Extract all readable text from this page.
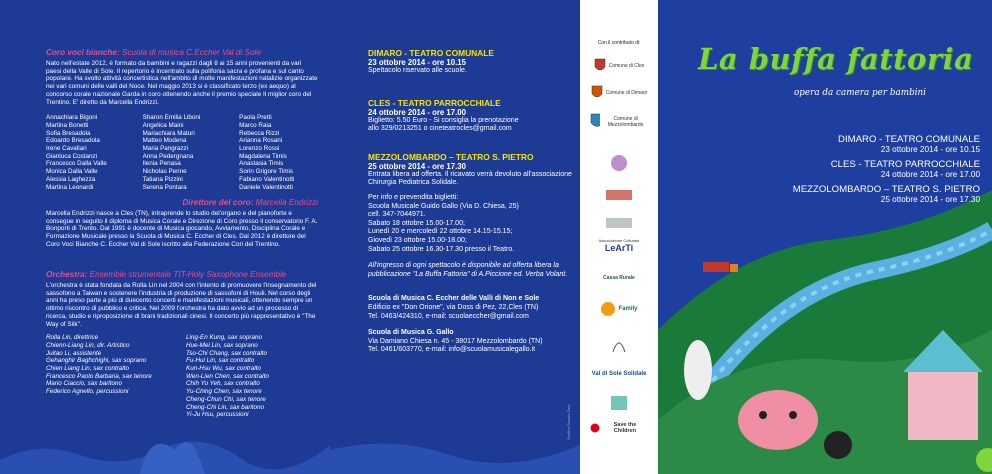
Coro voci bianche: Scuola di musica C.Eccher Val di Sole
Nato nell'estate 2012, è formato da bambini e ragazzi dagli 8 ai 15 anni provenienti da vari paesi della Valle di Sole. Il repertorio è incentrato sulla polifonia sacra e profana e sul canto popolare. Ha svolto attività concertistica nell'ambito di molte manifestazioni natalizie organizzate nei vari comuni delle valli del Noce. Nel maggio 2013 si è classificato terzo (ex aequo) al concorso corale nazionale Garda in coro ottenendo anche il premio speciale Il miglior coro del Trentino. E' diretto da Marcella Endrizzi.
Annachiara Bigoni
Martina Bonetti
Sofia Bresadola
Edoardo Bresadola
Irene Cavallari
Gianluca Costanzi
Francesco Dalla Valle
Monica Dalla Valle
Alessia Laghezza
Martina Leonardi
Sharon Emilia Liboni
Angelica Maini
Mariachiara Maturi
Matteo Modena
Maria Pangrazzi
Anna Pedergnana
Ilenia Penasa
Nicholas Penne
Tatiana Pizzini
Serena Pontara
Paola Pretti
Marco Raia
Rebecca Rizzi
Arianna Rosani
Lorenzo Rossi
Magdalena Timis
Anastasia Timis
Sorin Grigore Timis
Fabiano Valentinotti
Daniele Valentinotti
Direttore del coro: Marcella Endrizzi
Marcella Endrizzi nasce a Cles (TN), intraprende lo studio del'organo e del pianoforte e consegue in seguito il diploma di Musica Corale e Direzione di Coro presso il conservatorio F. A. Bonporti di Trento. Dal 1991 è docente di Musica giocando, Avviamento, Disciplina Corale e Formazione Musicale presso la Scuola di Musica C. Eccher di Cles. Dal 2012 è direttore del Coro Voci Bianche C. Eccher Val di Sole iscritto alla Federazione Cori del Trentino.
Orchestra: Ensemble strumentale TIT-Holy Saxophone Ensemble
L'orchestra è stata fondata da Rolla Lin nel 2004 con l'intento di promuovere l'insegnamento del sassofono a Taiwan e sostenere l'industria di produzione di sassofoni di Houli. Nel corso degli anni ha preso parte a più di duecento concerti e manifestazioni musicali, ottenendo sempre un ottimo riscontro di pubblico e critica. Nel 2009 l'orchestra ha dato avvio ad un processo di ricerca, studio e riproposizione di brani tradizionali cinesi. Il concerto più rappresentativo è "The Way of Silk".
Rolla Lin, direttrice
Chienn-Liang Lin, dir. Artistico
Juitao Li, assistente
Gehanghir Baghchighi, sax soprano
Chien Liang Lin, sax contralto
Francesco Paolo Barbaria, sax tenore
Mario Ciaccio, sax baritono
Federico Agnello, percussioni
Ling-En Kung, sax soprano
Hue-Mei Lin, sax soprano
Tso-Chi Chang, sax contralto
Fu-Hui Lin, sax contralto
Kun-Hsu Wu, sax contralto
Wen-Lien Chen, sax contralto
Chih Yu Yeh, sax contralto
Yu-Ching Chen, sax tenore
Cheng-Chun Chi, sax tenore
Cheng-Chi Lin, sax baritono
Yi-Ju Hsu, percussioni
DIMARO - TEATRO COMUNALE
23 ottobre 2014 - ore 10.15
Spettacolo riservato alle scuole.
CLES - TEATRO PARROCCHIALE
24 ottobre 2014 - ore 17.00
Biglietto: 5.50 Euro - Si consiglia la prenotazione
allo 329/0213251 o cineteatrocles@gmail.com
MEZZOLOMBARDO – TEATRO S. PIETRO
25 ottobre 2014 - ore 17.30
Entrata libera ad offerta. Il ricavato verrà devoluto all'associazione Chirurgia Pediatrica Solidale.
Per info e prevendita biglietti:
Scuola Musicale Guido Gallo (Via D. Chiesa, 25)
cell. 347-7044971.
Sabato 18 ottobre 15.00-17.00;
Lunedì 20 e mercoledì 22 ottobre 14.15-15.15;
Giovedì 23 ottobre 15.00-18.00;
Sabato 25 ottobre 16.30-17.30 presso il Teatro.
All'ingresso di ogni spettacolo è disponibile ad offerta libera la pubblicazione "La Buffa Fattoria" di A.Piccione ed. Verba Volant.
Scuola di Musica C. Eccher delle Valli di Non e Sole
Edificio ex "Don Orione", via Doss di Pez, 22,Cles (TN)
Tel. 0463/424310, e-mail: scuolaeccher@gmail.com
Scuola di Musica G. Gallo
Via Damiano Chiesa n. 45 - 38017 Mezzolombardo (TN)
Tel. 0461/603770, e-mail: info@scuolamusicalegallo.it
Grafica Rosina Zeni
Con il contributo di:
Comune di Cles
Comune di Dimaro
Comune di Mezzolombardo
Associazione Culturale
LeArTi
Cassa Rurale
Family
Val di Sole Solidale
Save the Children
La buffa fattoria
opera da camera per bambini
DIMARO - TEATRO COMUNALE
23 ottobre 2014 - ore 10.15
CLES - TEATRO PARROCCHIALE
24 ottobre 2014 - ore 17.00
MEZZOLOMBARDO – TEATRO S. PIETRO
25 ottobre 2014 - ore 17.30
